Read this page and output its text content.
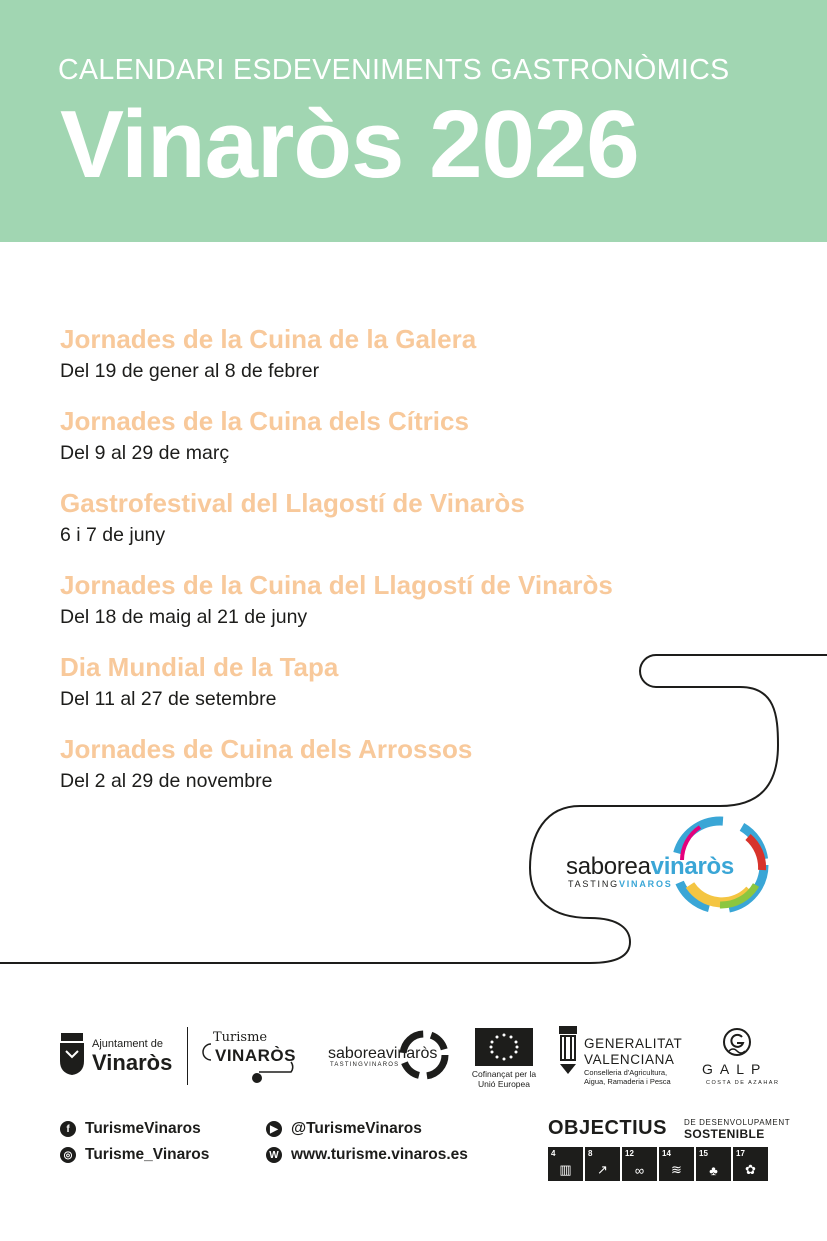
CALENDARI ESDEVENIMENTS GASTRONÒMICS
Vinaròs 2026
Jornades de la Cuina de la Galera
Del 19 de gener al 8 de febrer
Jornades de la Cuina dels Cítrics
Del 9 al 29 de març
Gastrofestival del Llagostí de Vinaròs
6 i 7 de juny
Jornades de la Cuina del Llagostí de Vinaròs
Del 18 de maig al 21 de juny
Dia Mundial de la Tapa
Del 11 al 27 de setembre
Jornades de Cuina dels Arrossos
Del 2 al 29 de novembre
saboreavinaròs
TASTINGVINAROS
Ajuntament de
Vinaròs
Turisme
VINARÒS saboreavinaròs
TASTINGVINAROS
Cofinançat per la Unió Europea
GENERALITAT
VALENCIANA
Conselleria d'Agricultura, Aigua, Ramaderia i Pesca
GALP
COSTA DE AZAHAR
f TurismeVinaros
◎ Turisme_Vinaros
▶ @TurismeVinaros
W www.turisme.vinaros.es
OBJECTIUS DE DESENVOLUPAMENT
SOSTENIBLE
4
▥
8
↗
12
∞
14
≋
15
♣
17
✿
